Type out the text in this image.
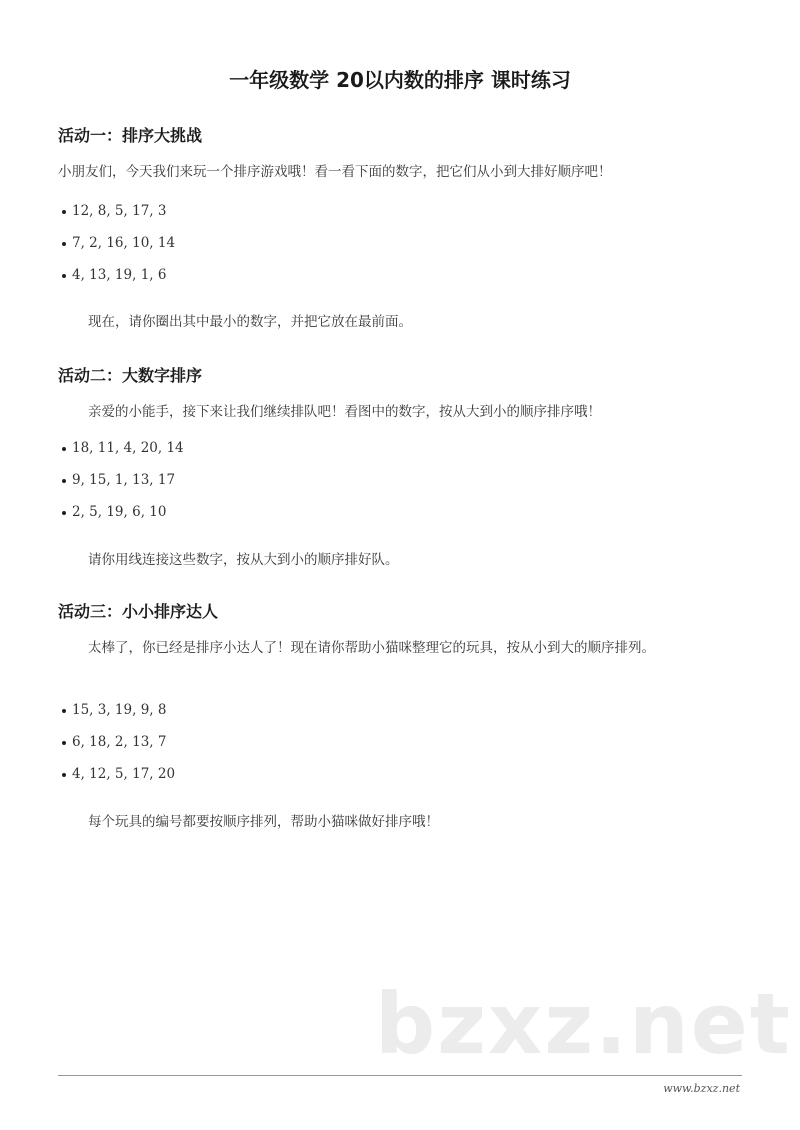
一年级数学 20以内数的排序 课时练习
活动一：排序大挑战
小朋友们，今天我们来玩一个排序游戏哦！看一看下面的数字，把它们从小到大排好顺序吧！
12, 8, 5, 17, 3
7, 2, 16, 10, 14
4, 13, 19, 1, 6
现在，请你圈出其中最小的数字，并把它放在最前面。
活动二：大数字排序
亲爱的小能手，接下来让我们继续排队吧！看图中的数字，按从大到小的顺序排序哦！
18, 11, 4, 20, 14
9, 15, 1, 13, 17
2, 5, 19, 6, 10
请你用线连接这些数字，按从大到小的顺序排好队。
活动三：小小排序达人
太棒了，你已经是排序小达人了！现在请你帮助小猫咪整理它的玩具，按从小到大的顺序排列。
15, 3, 19, 9, 8
6, 18, 2, 13, 7
4, 12, 5, 17, 20
每个玩具的编号都要按顺序排列，帮助小猫咪做好排序哦！
bzxz.net
www.bzxz.net
